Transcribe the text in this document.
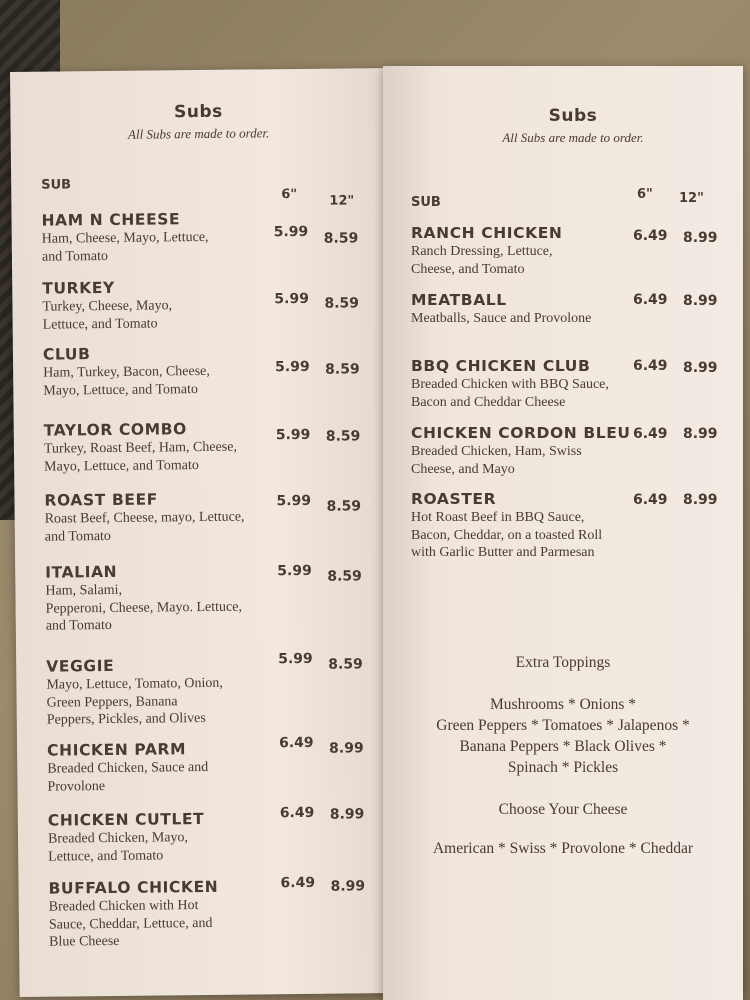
Subs
All Subs are made to order.
SUB
6" 12"
HAM N CHEESE
Ham, Cheese, Mayo, Lettuce,
and Tomato
5.99 8.59
TURKEY
Turkey, Cheese, Mayo,
Lettuce, and Tomato
5.99 8.59
CLUB
Ham, Turkey, Bacon, Cheese,
Mayo, Lettuce, and Tomato
5.99 8.59
TAYLOR COMBO
Turkey, Roast Beef, Ham, Cheese,
Mayo, Lettuce, and Tomato
5.99 8.59
ROAST BEEF
Roast Beef, Cheese, mayo, Lettuce,
and Tomato
5.99 8.59
ITALIAN
Ham, Salami,
Pepperoni, Cheese, Mayo. Lettuce,
and Tomato
5.99 8.59
VEGGIE
Mayo, Lettuce, Tomato, Onion,
Green Peppers, Banana
Peppers, Pickles, and Olives
5.99 8.59
CHICKEN PARM
Breaded Chicken, Sauce and
Provolone
6.49 8.99
CHICKEN CUTLET
Breaded Chicken, Mayo,
Lettuce, and Tomato
6.49 8.99
BUFFALO CHICKEN
Breaded Chicken with Hot
Sauce, Cheddar, Lettuce, and
Blue Cheese
6.49 8.99
Subs
All Subs are made to order.
SUB
6" 12"
RANCH CHICKEN
Ranch Dressing, Lettuce,
Cheese, and Tomato
6.49 8.99
MEATBALL
Meatballs, Sauce and Provolone
6.49 8.99
BBQ CHICKEN CLUB
Breaded Chicken with BBQ Sauce,
Bacon and Cheddar Cheese
6.49 8.99
CHICKEN CORDON BLEU
Breaded Chicken, Ham, Swiss
Cheese, and Mayo
6.49 8.99
ROASTER
Hot Roast Beef in BBQ Sauce,
Bacon, Cheddar, on a toasted Roll
with Garlic Butter and Parmesan
6.49 8.99
Extra Toppings
Mushrooms * Onions *
Green Peppers * Tomatoes * Jalapenos *
Banana Peppers * Black Olives *
Spinach * Pickles
Choose Your Cheese
American * Swiss * Provolone * Cheddar
